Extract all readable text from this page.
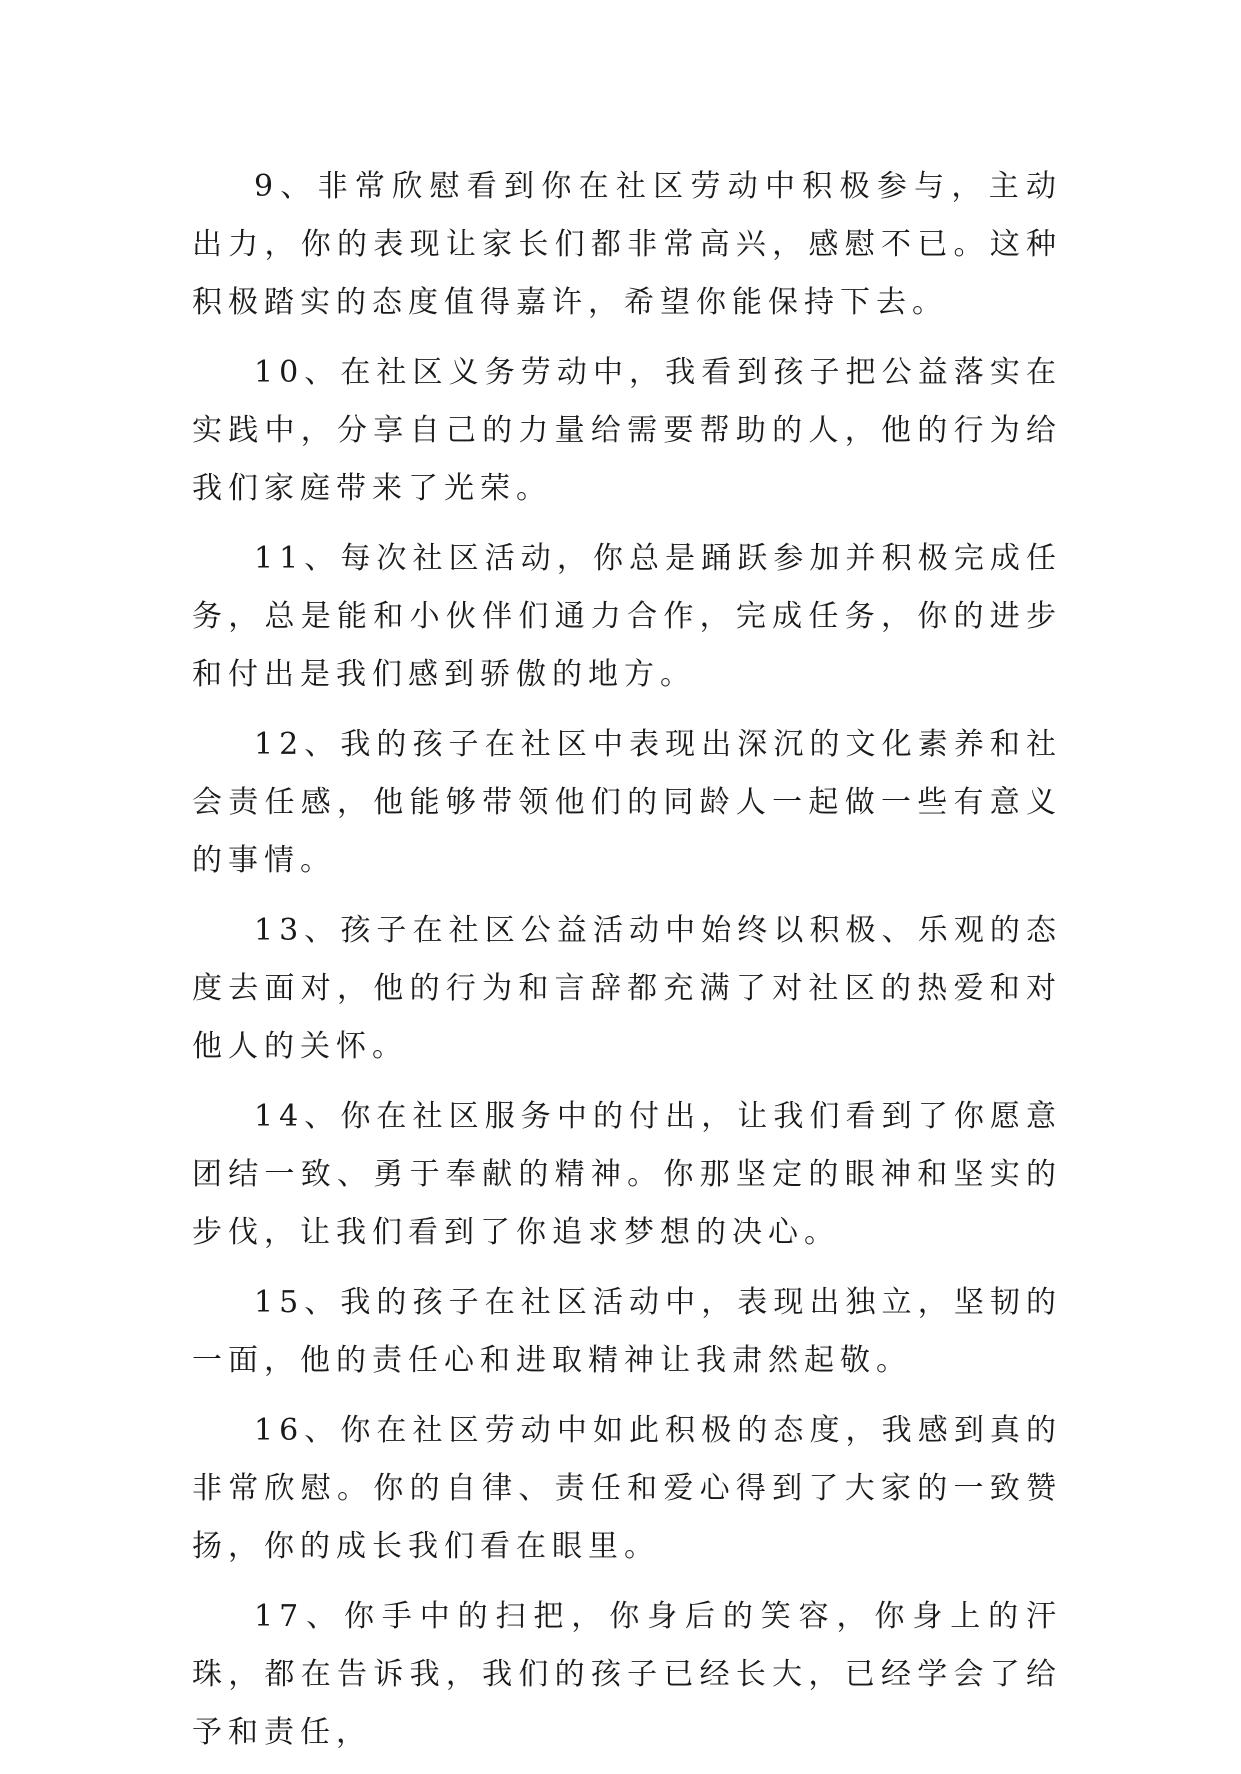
9、非常欣慰看到你在社区劳动中积极参与，主动出力，你的表现让家长们都非常高兴，感慰不已。这种积极踏实的态度值得嘉许，希望你能保持下去。

10、在社区义务劳动中，我看到孩子把公益落实在实践中，分享自己的力量给需要帮助的人，他的行为给我们家庭带来了光荣。

11、每次社区活动，你总是踊跃参加并积极完成任务，总是能和小伙伴们通力合作，完成任务，你的进步和付出是我们感到骄傲的地方。

12、我的孩子在社区中表现出深沉的文化素养和社会责任感，他能够带领他们的同龄人一起做一些有意义的事情。

13、孩子在社区公益活动中始终以积极、乐观的态度去面对，他的行为和言辞都充满了对社区的热爱和对他人的关怀。

14、你在社区服务中的付出，让我们看到了你愿意团结一致、勇于奉献的精神。你那坚定的眼神和坚实的步伐，让我们看到了你追求梦想的决心。

15、我的孩子在社区活动中，表现出独立，坚韧的一面，他的责任心和进取精神让我肃然起敬。

16、你在社区劳动中如此积极的态度，我感到真的非常欣慰。你的自律、责任和爱心得到了大家的一致赞扬，你的成长我们看在眼里。

17、你手中的扫把，你身后的笑容，你身上的汗珠，都在告诉我，我们的孩子已经长大，已经学会了给予和责任，
